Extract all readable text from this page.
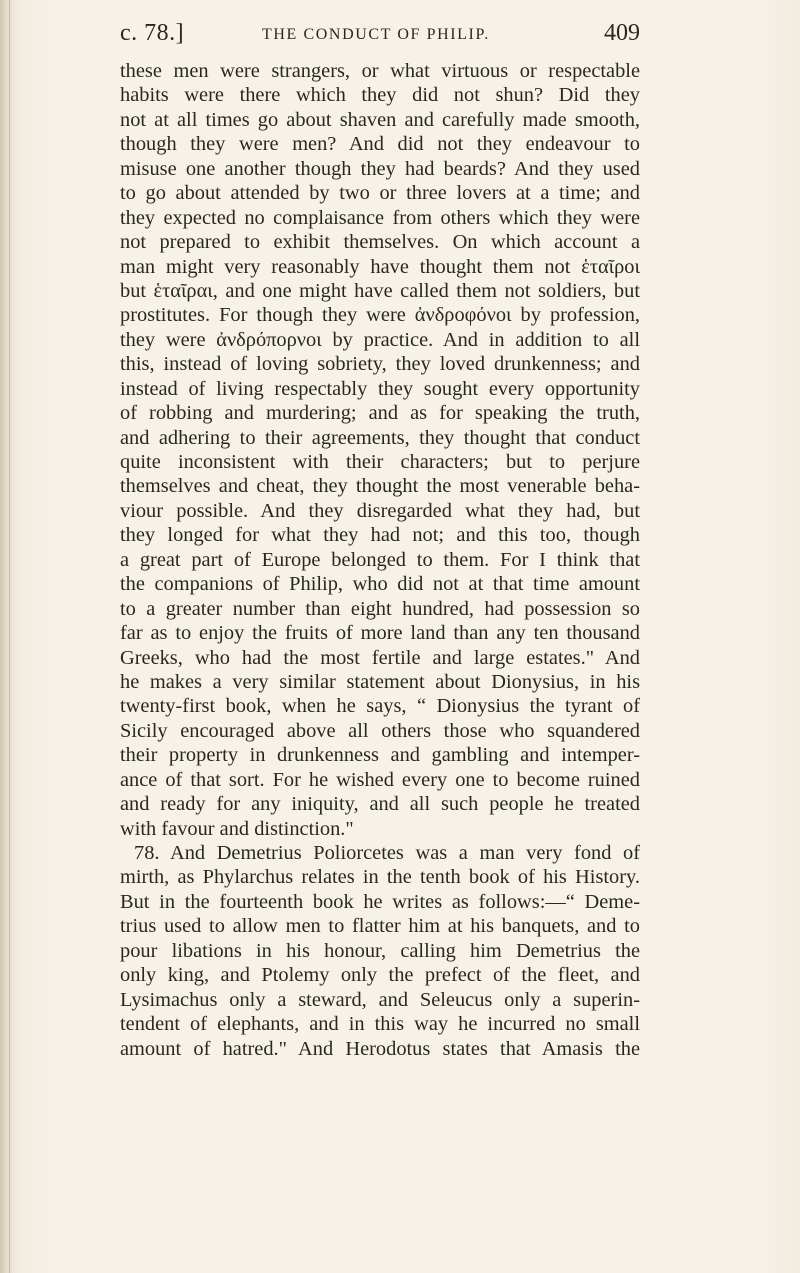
c. 78.]	THE CONDUCT OF PHILIP.	409
these men were strangers, or what virtuous or respectable
habits were there which they did not shun? Did they
not at all times go about shaven and carefully made smooth,
though they were men? And did not they endeavour to
misuse one another though they had beards? And they used
to go about attended by two or three lovers at a time; and
they expected no complaisance from others which they were
not prepared to exhibit themselves. On which account a
man might very reasonably have thought them not ἑταῖροι
but ἑταῖραι, and one might have called them not soldiers, but
prostitutes. For though they were ἀνδροφόνοι by profession,
they were ἀνδρόπορνοι by practice. And in addition to all
this, instead of loving sobriety, they loved drunkenness; and
instead of living respectably they sought every opportunity
of robbing and murdering; and as for speaking the truth,
and adhering to their agreements, they thought that conduct
quite inconsistent with their characters; but to perjure
themselves and cheat, they thought the most venerable beha-
viour possible. And they disregarded what they had, but
they longed for what they had not; and this too, though
a great part of Europe belonged to them. For I think that
the companions of Philip, who did not at that time amount
to a greater number than eight hundred, had possession so
far as to enjoy the fruits of more land than any ten thousand
Greeks, who had the most fertile and large estates." And
he makes a very similar statement about Dionysius, in his
twenty-first book, when he says, “ Dionysius the tyrant of
Sicily encouraged above all others those who squandered
their property in drunkenness and gambling and intemper-
ance of that sort. For he wished every one to become ruined
and ready for any iniquity, and all such people he treated
with favour and distinction."
78. And Demetrius Poliorcetes was a man very fond of
mirth, as Phylarchus relates in the tenth book of his History.
But in the fourteenth book he writes as follows:—“ Deme-
trius used to allow men to flatter him at his banquets, and to
pour libations in his honour, calling him Demetrius the
only king, and Ptolemy only the prefect of the fleet, and
Lysimachus only a steward, and Seleucus only a superin-
tendent of elephants, and in this way he incurred no small
amount of hatred." And Herodotus states that Amasis the
